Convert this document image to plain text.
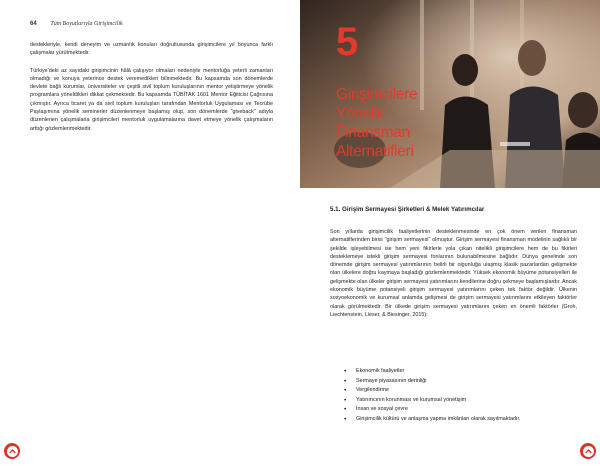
64 Tüm Boyutlarıyla Girişimcilik

destekleriyle, kendi deneyim ve uzmanlık konuları doğrultusunda girişimcilere yıl boyunca farklı çalışmalar yürütmektedir.

Türkiye'deki az sayıdaki girişimcinin hâlâ çalışıyor olmaları nedeniyle mentorluğa yeterli zamanları olmadığı ve konuya yeterince destek veremedikleri bilinmektedir. Bu kapsamda son dönemlerde devlete bağlı kurumlar, üniversiteler ve çeşitli sivil toplum kuruluşlarının mentor yetiştirmeye yönelik programlara yöneldikleri dikkat çekmektedir. Bu kapsamda TÜBİTAK 1601 Mentor Eğiticisi Çağrısına çıkmıştır. Ayrıca ticaret ya da sivil toplum kuruluşları tarafından Mentorluk Uygulaması ve Tecrübe Paylaşımına yönelik seminerler düzenlenmeye başlamış olup, son dönemlerde "giveback" adıyla düzenlenen çalışmalarla girişimcileri mentorluk uygulamalarına davet etmeye yönelik çalışmaların arttığı gözlemlenmektedir.

5
Girişimcilere
Yönelik
Finansman
Alternatifleri
5.1. Girişim Sermayesi Şirketleri & Melek Yatırımcılar

Son yıllarda girişimcilik faaliyetlerinin desteklenmesinde en çok önem verilen finansman alternatiflerinden birisi "girişim sermayesi" olmuştur. Girişim sermayesi finansman modelinin sağlıklı bir şekilde işleyebilmesi ise hem yeni fikirlerle yola çıkan nitelikli girişimcilere hem de bu fikirleri desteklemeye istekli girişim sermayesi fonlarının bulunabilmesine bağlıdır. Dünya genelinde son dönemde girişim sermayesi yatırımlarının belirli bir olgunluğa ulaşmış klasik pazarlardan gelişmekte olan ülkelere doğru kaymaya başladığı gözlemlenmektedir. Yüksek ekonomik büyüme potansiyelleri ile gelişmekte olan ülkeler girişim sermayesi yatırımlarını kendilerine doğru çekmeye başlamışlardır. Ancak ekonomik büyüme potansiyeli girişim sermayesi yatırımlarını çeken tek faktör değildir. Ülkenin sosyoekonomik ve kurumsal anlamda gelişmesi de girişim sermayesi yatırımlarını etkileyen faktörler olarak görülmektedir. Bir ülkede girişim sermayesi yatırımlarını çeken en önemli faktörler (Groh, Liechtenstein, Lieser, & Biesinger, 2015):

• Ekonomik faaliyetler
• Sermaye piyasasının derinliği
• Vergilendirme
• Yatırımcının korunması ve kurumsal yönetişim
• İnsan ve sosyal çevre
• Girişimcilik kültürü ve anlaşma yapma imkânları olarak sayılmaktadır.
